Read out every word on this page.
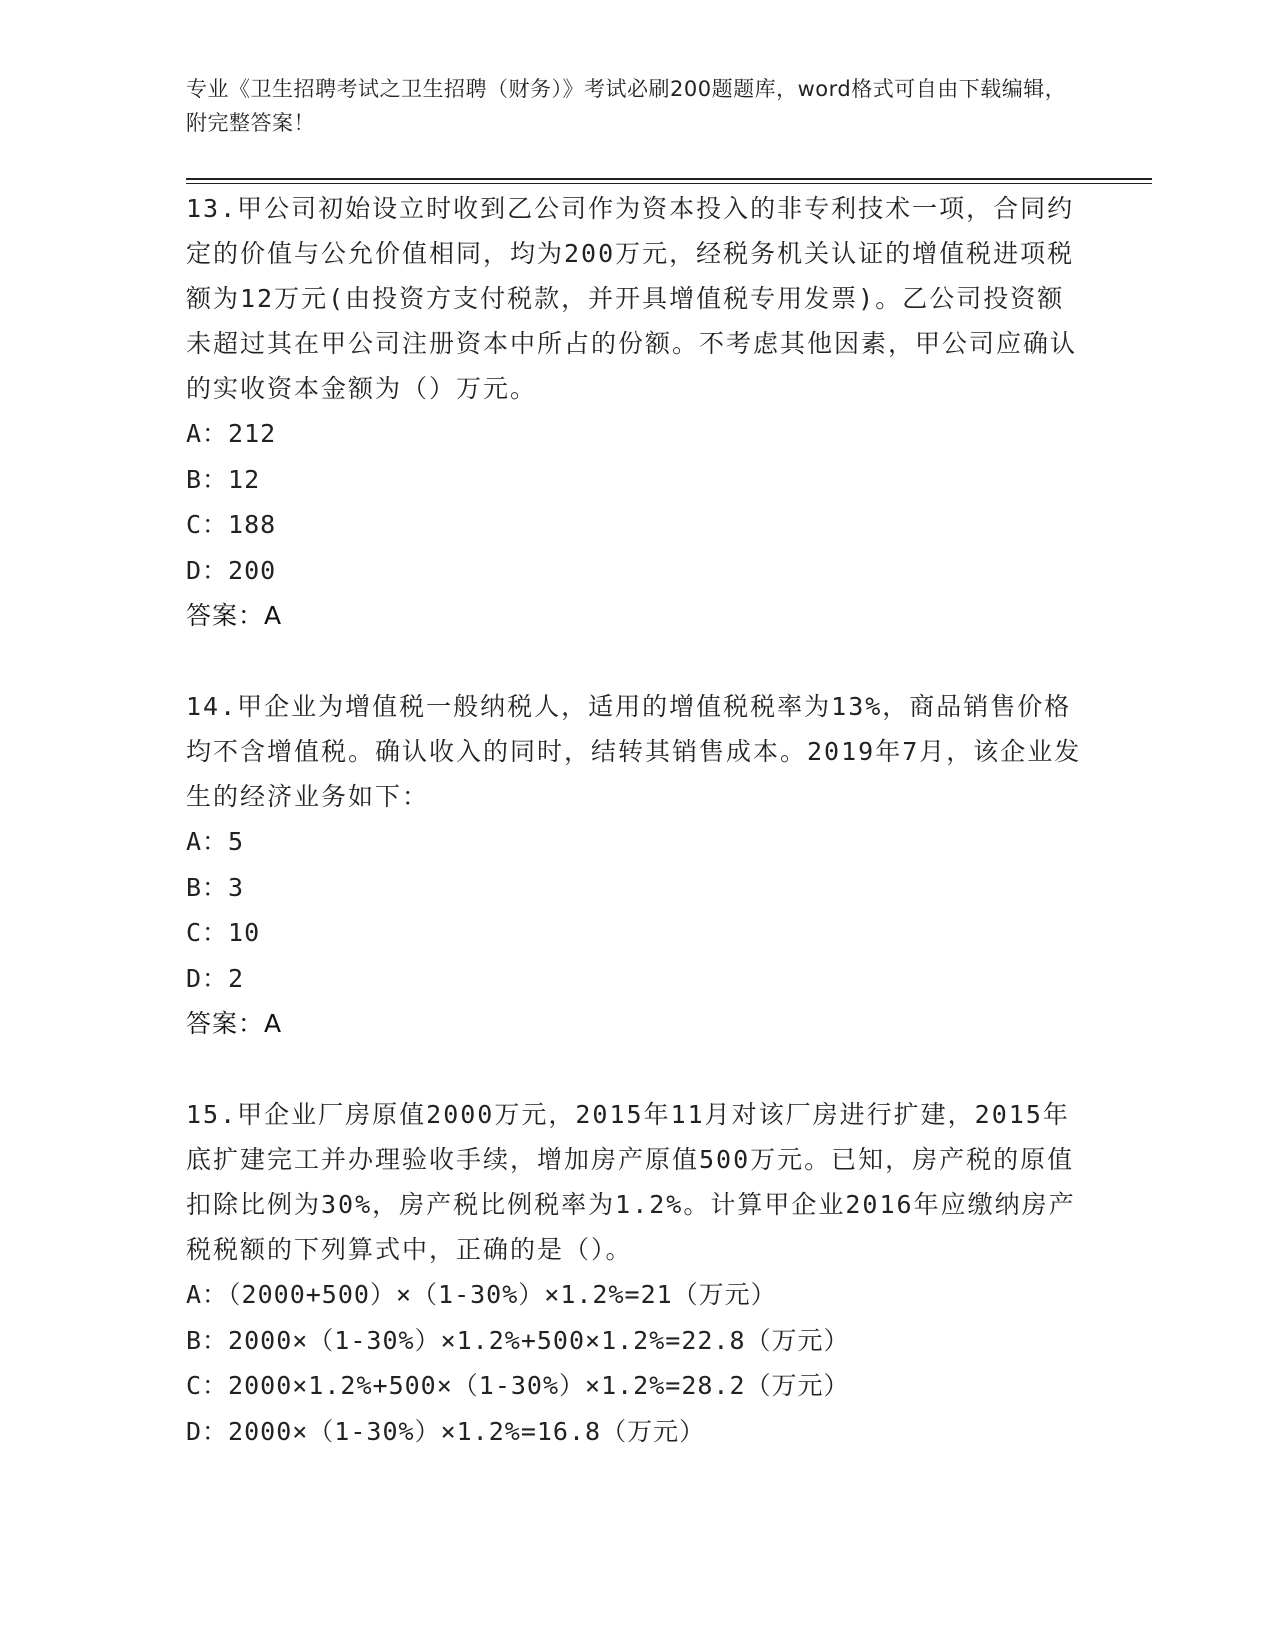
专业《卫生招聘考试之卫生招聘（财务）》考试必刷200题题库，word格式可自由下载编辑，附完整答案！

13.甲公司初始设立时收到乙公司作为资本投入的非专利技术一项，合同约定的价值与公允价值相同，均为200万元，经税务机关认证的增值税进项税额为12万元(由投资方支付税款，并开具增值税专用发票)。乙公司投资额未超过其在甲公司注册资本中所占的份额。不考虑其他因素，甲公司应确认的实收资本金额为（）万元。

A：212

B：12

C：188

D：200

答案：A

14.甲企业为增值税一般纳税人，适用的增值税税率为13%，商品销售价格均不含增值税。确认收入的同时，结转其销售成本。2019年7月，该企业发生的经济业务如下：

A：5

B：3

C：10

D：2

答案：A

15.甲企业厂房原值2000万元，2015年11月对该厂房进行扩建，2015年底扩建完工并办理验收手续，增加房产原值500万元。已知，房产税的原值扣除比例为30%，房产税比例税率为1.2%。计算甲企业2016年应缴纳房产税税额的下列算式中，正确的是（）。

A：（2000+500）×（1-30%）×1.2%=21（万元）

B：2000×（1-30%）×1.2%+500×1.2%=22.8（万元）

C：2000×1.2%+500×（1-30%）×1.2%=28.2（万元）

D：2000×（1-30%）×1.2%=16.8（万元）
